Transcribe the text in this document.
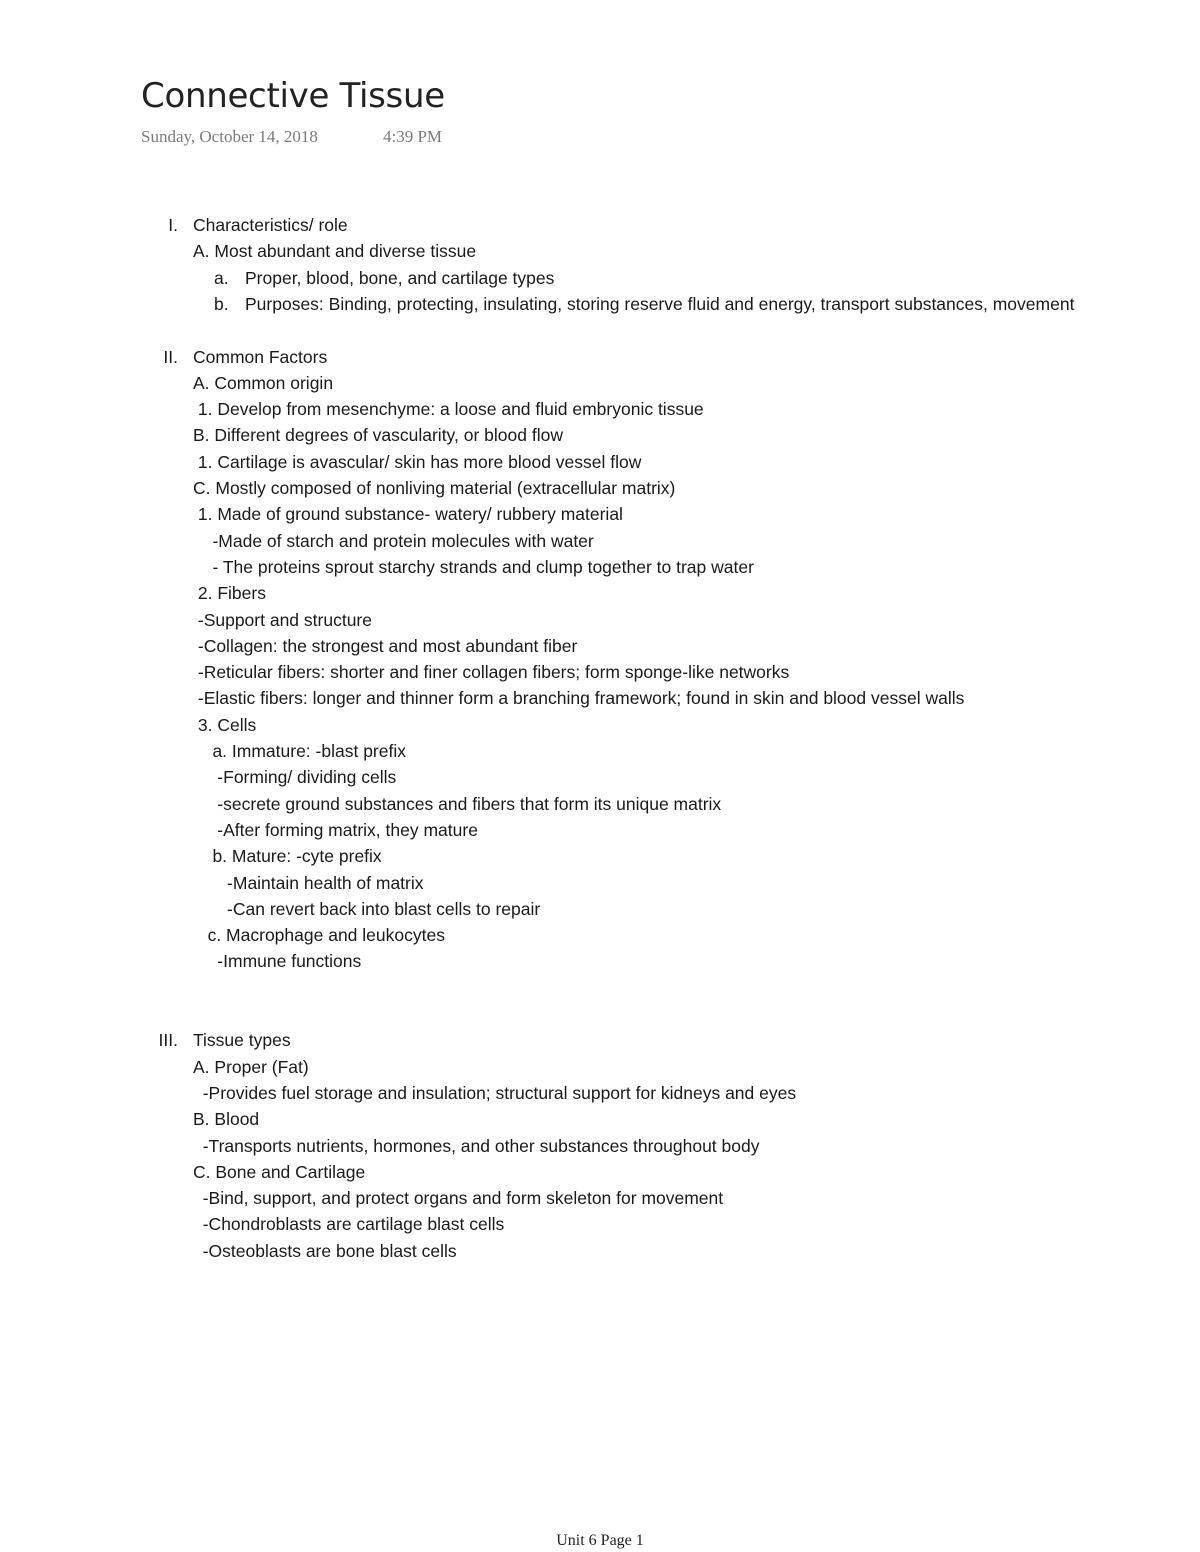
Connective Tissue
Sunday, October 14, 2018	4:39 PM
I. Characteristics/ role
A. Most abundant and diverse tissue
a. Proper, blood, bone, and cartilage types
b. Purposes: Binding, protecting, insulating, storing reserve fluid and energy, transport substances, movement
II. Common Factors
A. Common origin
1. Develop from mesenchyme: a loose and fluid embryonic tissue
B. Different degrees of vascularity, or blood flow
1. Cartilage is avascular/ skin has more blood vessel flow
C. Mostly composed of nonliving material (extracellular matrix)
1. Made of ground substance- watery/ rubbery material
-Made of starch and protein molecules with water
- The proteins sprout starchy strands and clump together to trap water
2. Fibers
-Support and structure
-Collagen: the strongest and most abundant fiber
-Reticular fibers: shorter and finer collagen fibers; form sponge-like networks
-Elastic fibers: longer and thinner form a branching framework; found in skin and blood vessel walls
3. Cells
a. Immature: -blast prefix
-Forming/ dividing cells
-secrete ground substances and fibers that form its unique matrix
-After forming matrix, they mature
b. Mature: -cyte prefix
-Maintain health of matrix
-Can revert back into blast cells to repair
c. Macrophage and leukocytes
-Immune functions
III. Tissue types
A. Proper (Fat)
-Provides fuel storage and insulation; structural support for kidneys and eyes
B. Blood
-Transports nutrients, hormones, and other substances throughout body
C. Bone and Cartilage
-Bind, support, and protect organs and form skeleton for movement
-Chondroblasts are cartilage blast cells
-Osteoblasts are bone blast cells
Unit 6 Page 1
